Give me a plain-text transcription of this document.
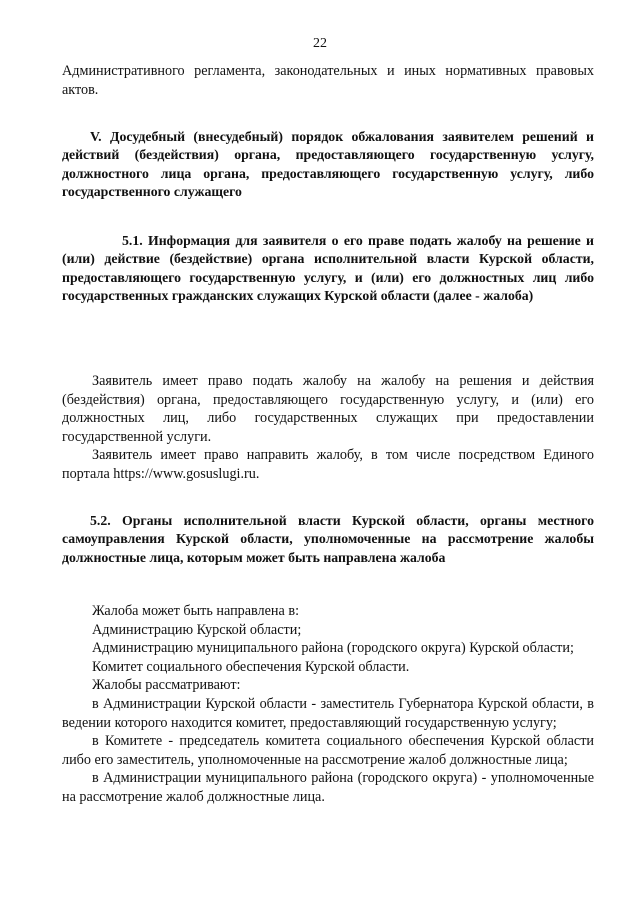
22

Административного регламента, законодательных и иных нормативных правовых актов.

V. Досудебный (внесудебный) порядок обжалования заявителем решений и действий (бездействия) органа, предоставляющего государственную услугу, должностного лица органа, предоставляющего государственную услугу, либо государственного служащего

5.1. Информация для заявителя о его праве подать жалобу на решение и (или) действие (бездействие) органа исполнительной власти Курской области, предоставляющего государственную услугу, и (или) его должностных лиц либо государственных гражданских служащих Курской области (далее - жалоба)

Заявитель имеет право подать жалобу на жалобу на решения и действия (бездействия) органа, предоставляющего государственную услугу, и (или) его должностных лиц, либо государственных служащих при предоставлении государственной услуги.

Заявитель имеет право направить жалобу, в том числе посредством Единого портала https://www.gosuslugi.ru.

5.2. Органы исполнительной власти Курской области, органы местного самоуправления Курской области, уполномоченные на рассмотрение жалобы должностные лица, которым может быть направлена жалоба

Жалоба может быть направлена в:

Администрацию Курской области;

Администрацию муниципального района (городского округа) Курской области;

Комитет социального обеспечения Курской области.

Жалобы рассматривают:

в Администрации Курской области - заместитель Губернатора Курской области, в ведении которого находится комитет, предоставляющий государственную услугу;

в Комитете - председатель комитета социального обеспечения Курской области либо его заместитель, уполномоченные на рассмотрение жалоб должностные лица;

в Администрации муниципального района (городского округа) - уполномоченные на рассмотрение жалоб должностные лица.
